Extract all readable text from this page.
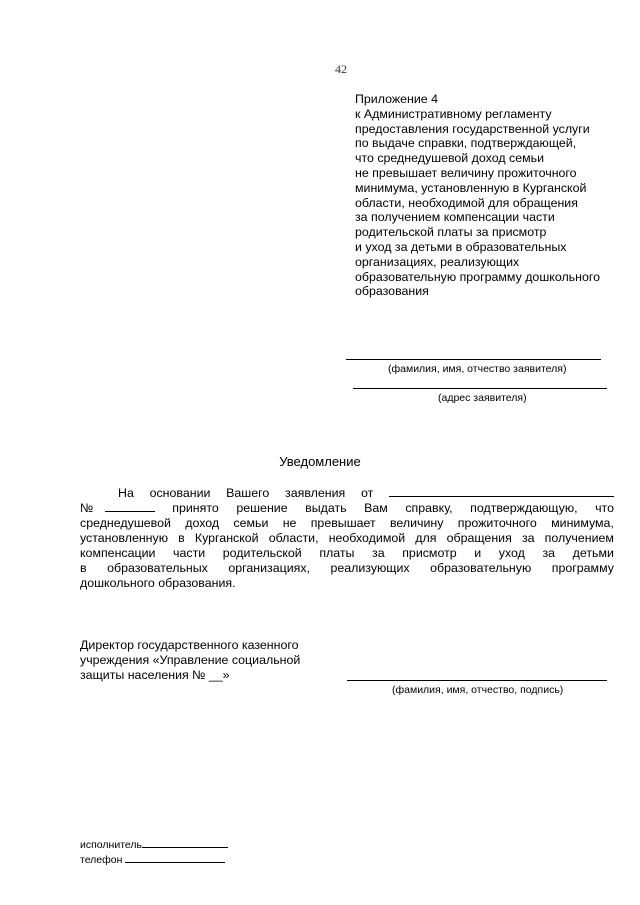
42
Приложение 4
к Административному регламенту
предоставления государственной услуги
по выдаче справки, подтверждающей,
что среднедушевой доход семьи
не превышает величину прожиточного
минимума, установленную в Курганской
области, необходимой для обращения
за получением компенсации части
родительской платы за присмотр
и уход за детьми в образовательных
организациях, реализующих
образовательную программу дошкольного
образования
(фамилия, имя, отчество заявителя)
(адрес заявителя)
Уведомление
На основании Вашего заявления от
№	принято решение выдать Вам справку, подтверждающую, что
среднедушевой доход семьи не превышает величину прожиточного минимума,
установленную в Курганской области, необходимой для обращения за получением
компенсации части родительской платы за присмотр и уход за детьми
в образовательных организациях, реализующих образовательную программу
дошкольного образования.
Директор государственного казенного
учреждения «Управление социальной
защиты населения № __»
(фамилия, имя, отчество, подпись)
исполнитель
телефон
